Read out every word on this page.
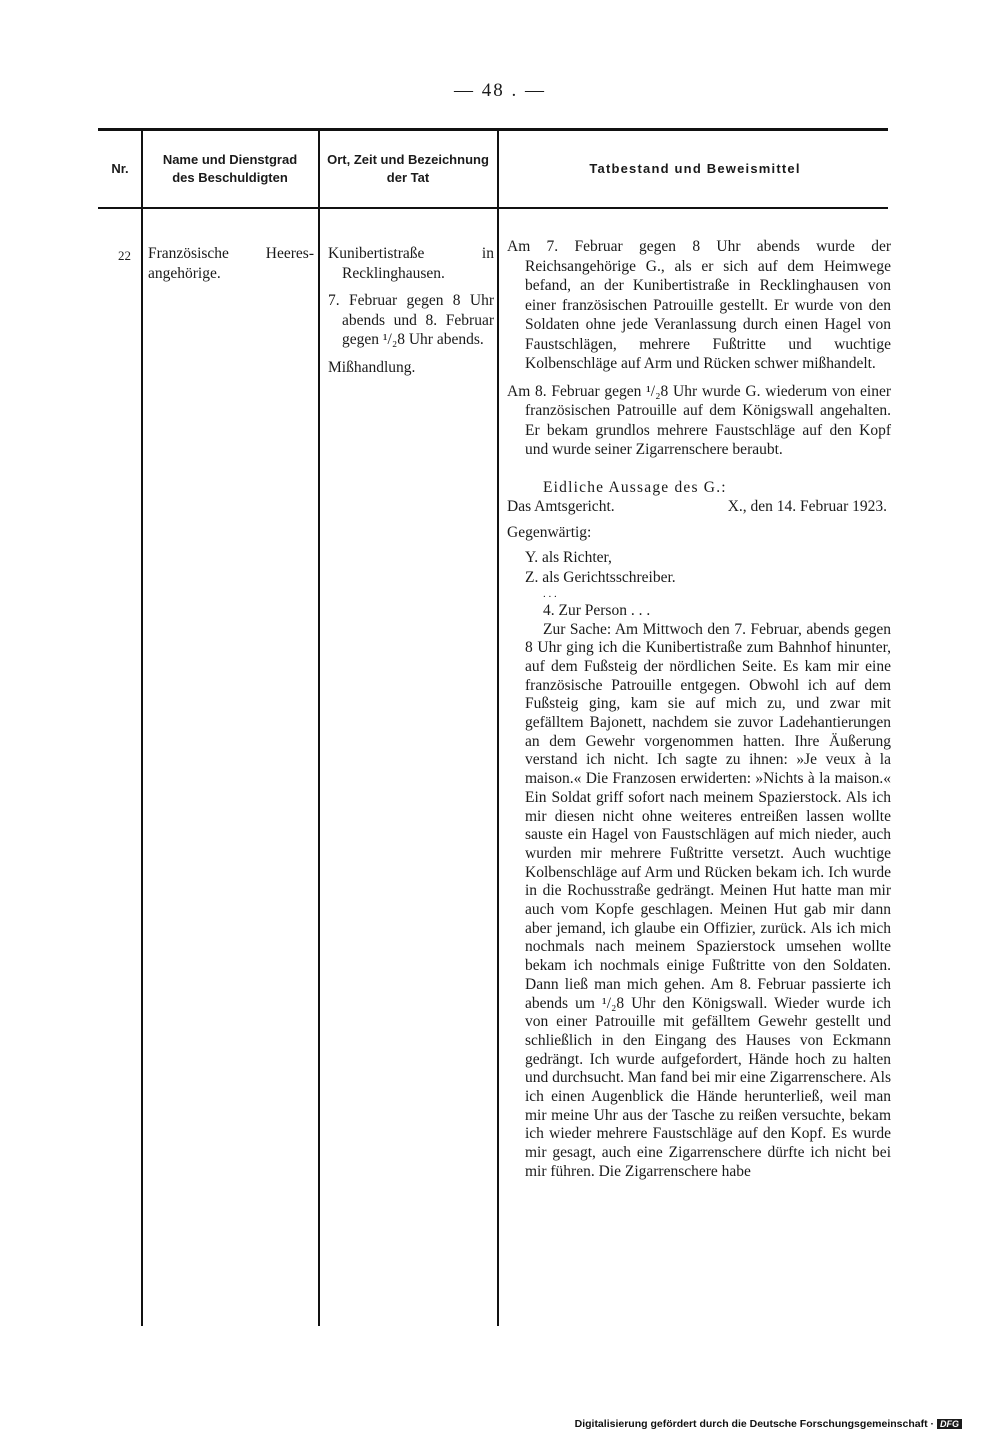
— 48 . —
Nr.
Name und Dienstgrad des Beschuldigten
Ort, Zeit und Bezeichnung der Tat
Tatbestand und Beweismittel
22 Französische Heeres-
angehörige.

Kunibertistraße in Recklinghausen.

7. Februar gegen 8 Uhr abends und 8. Februar gegen ¹/₂8 Uhr abends.

Mißhandlung.

Am 7. Februar gegen 8 Uhr abends wurde der Reichsangehörige G., als er sich auf dem Heimwege befand, an der Kunibertistraße in Recklinghausen von einer französischen Patrouille gestellt. Er wurde von den Soldaten ohne jede Veranlassung durch einen Hagel von Faustschlägen, mehrere Fußtritte und wuchtige Kolbenschläge auf Arm und Rücken schwer mißhandelt.

Am 8. Februar gegen ¹/₂8 Uhr wurde G. wiederum von einer französischen Patrouille auf dem Königswall angehalten. Er bekam grundlos mehrere Faustschläge auf den Kopf und wurde seiner Zigarrenschere beraubt.

Eidliche Aussage des G.:

Das Amtsgericht.	X., den 14. Februar 1923.

Gegenwärtig:

Y. als Richter,

Z. als Gerichtsschreiber.

. . .

4. Zur Person . . .

Zur Sache: Am Mittwoch den 7. Februar, abends gegen 8 Uhr ging ich die Kunibertistraße zum Bahnhof hinunter, auf dem Fußsteig der nördlichen Seite. Es kam mir eine französische Patrouille entgegen. Obwohl ich auf dem Fußsteig ging, kam sie auf mich zu, und zwar mit gefälltem Bajonett, nachdem sie zuvor Ladehantierungen an dem Gewehr vorgenommen hatten. Ihre Äußerung verstand ich nicht. Ich sagte zu ihnen: »Je veux à la maison.« Die Franzosen erwiderten: »Nichts à la maison.« Ein Soldat griff sofort nach meinem Spazierstock. Als ich mir diesen nicht ohne weiteres entreißen lassen wollte sauste ein Hagel von Faustschlägen auf mich nieder, auch wurden mir mehrere Fußtritte versetzt. Auch wuchtige Kolbenschläge auf Arm und Rücken bekam ich. Ich wurde in die Rochusstraße gedrängt. Meinen Hut hatte man mir auch vom Kopfe geschlagen. Meinen Hut gab mir dann aber jemand, ich glaube ein Offizier, zurück. Als ich mich nochmals nach meinem Spazierstock umsehen wollte bekam ich nochmals einige Fußtritte von den Soldaten. Dann ließ man mich gehen. Am 8. Februar passierte ich abends um ¹/₂8 Uhr den Königswall. Wieder wurde ich von einer Patrouille mit gefälltem Gewehr gestellt und schließlich in den Eingang des Hauses von Eckmann gedrängt. Ich wurde aufgefordert, Hände hoch zu halten und durchsucht. Man fand bei mir eine Zigarrenschere. Als ich einen Augenblick die Hände herunterließ, weil man mir meine Uhr aus der Tasche zu reißen versuchte, bekam ich wieder mehrere Faustschläge auf den Kopf. Es wurde mir gesagt, auch eine Zigarrenschere dürfte ich nicht bei mir führen. Die Zigarrenschere habe

Digitalisierung gefördert durch die Deutsche Forschungsgemeinschaft · DFG
